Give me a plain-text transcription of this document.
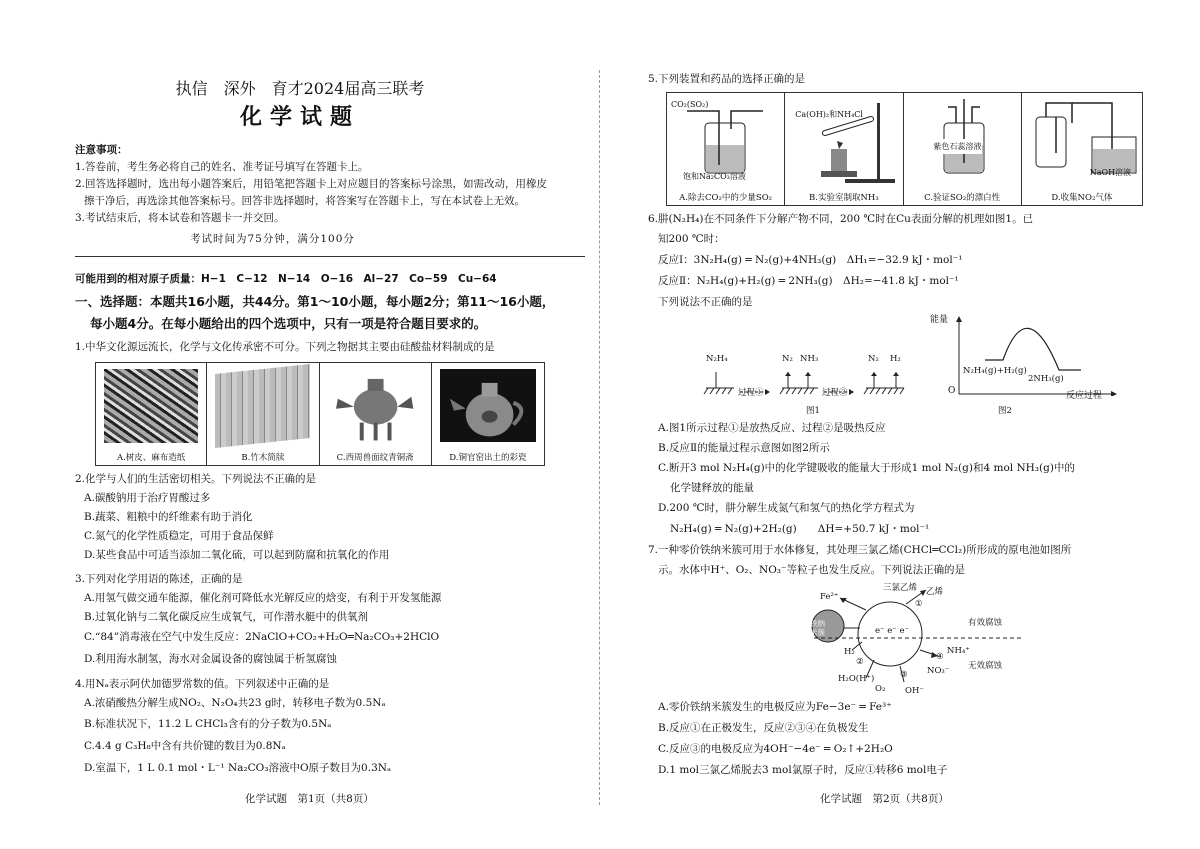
执信　深外　育才2024届高三联考
化学试题
注意事项：
1.答卷前，考生务必将自己的姓名、准考证号填写在答题卡上。
2.回答选择题时，选出每小题答案后，用铅笔把答题卡上对应题目的答案标号涂黑，如需改动，用橡皮
擦干净后，再选涂其他答案标号。回答非选择题时，将答案写在答题卡上，写在本试卷上无效。
3.考试结束后，将本试卷和答题卡一并交回。
考试时间为75分钟，满分100分
可能用到的相对原子质量：H−1　C−12　N−14　O−16　Al−27　Co−59　Cu−64
一、选择题：本题共16小题，共44分。第1～10小题，每小题2分；第11～16小题，
每小题4分。在每小题给出的四个选项中，只有一项是符合题目要求的。
1.中华文化源远流长，化学与文化传承密不可分。下列之物据其主要由硅酸盐材料制成的是
A.树皮、麻布造纸	B.竹木简牍	C.西周兽面纹青铜斋	D.铜官窑出土的彩瓷
2.化学与人们的生活密切相关。下列说法不正确的是
A.碳酸钠用于治疗胃酸过多
B.蔬菜、粗粮中的纤维素有助于消化
C.氮气的化学性质稳定，可用于食品保鲜
D.某些食品中可适当添加二氧化硫，可以起到防腐和抗氧化的作用
3.下列对化学用语的陈述，正确的是
A.用氢气做交通车能源，催化剂可降低水光解反应的焓变，有利于开发氢能源
B.过氧化钠与二氧化碳反应生成氧气，可作潜水艇中的供氧剂
C.“84”消毒液在空气中发生反应：2NaClO+CO₂+H₂O═Na₂CO₃+2HClO
D.利用海水制氢，海水对金属设备的腐蚀属于析氢腐蚀
4.用Nₐ表示阿伏加德罗常数的值。下列叙述中正确的是
A.浓硝酸热分解生成NO₂、N₂O₄共23 g时，转移电子数为0.5Nₐ
B.标准状况下，11.2 L CHCl₃含有的分子数为0.5Nₐ
C.4.4 g C₃H₈中含有共价键的数目为0.8Nₐ
D.室温下，1 L 0.1 mol・L⁻¹ Na₂CO₃溶液中O原子数目为0.3Nₐ
化学试题　第1页（共8页）
5.下列装置和药品的选择正确的是
CO₂(SO₂)
饱和Na₂CO₃溶液
A.除去CO₂中的少量SO₂
Ca(OH)₂和NH₄Cl
B.实验室制取NH₃
紫色石蕊溶液
C.验证SO₂的漂白性
NaOH溶液
D.收集NO₂气体
6.肼(N₂H₄)在不同条件下分解产物不同，200 ℃时在Cu表面分解的机理如图1。已
知200 ℃时：
反应Ⅰ：3N₂H₄(g) ═ N₂(g)+4NH₃(g)　ΔH₁=−32.9 kJ・mol⁻¹
反应Ⅱ：N₂H₄(g)+H₂(g) ═ 2NH₃(g)　ΔH₂=−41.8 kJ・mol⁻¹
下列说法不正确的是
N₂H₄	N₂ NH₃	N₂ H₂
过程①	过程②
图1
能量
O
N₂H₄(g)+H₂(g)
2NH₃(g)
反应过程
图2
A.图1所示过程①是放热反应、过程②是吸热反应
B.反应Ⅱ的能量过程示意图如图2所示
C.断开3 mol N₂H₄(g)中的化学键吸收的能量大于形成1 mol N₂(g)和4 mol NH₃(g)中的
化学键释放的能量
D.200 ℃时，肼分解生成氮气和氢气的热化学方程式为
N₂H₄(g) ═ N₂(g)+2H₂(g)　　ΔH=+50.7 kJ・mol⁻¹
7.一种零价铁纳米簇可用于水体修复，其处理三氯乙烯(CHCl═CCl₂)所形成的原电池如图所
示。水体中H⁺、O₂、NO₃⁻等粒子也发生反应。下列说法正确的是
Fe²⁺
三氯乙烯 乙烯
①
有效腐蚀
铁纳米簇	e⁻ e⁻ e⁻
H₂
②	④
NH₄⁺
NO₃⁻ 无效腐蚀
③
H₂O(H⁺)
O₂ OH⁻
A.零价铁纳米簇发生的电极反应为Fe−3e⁻ ═ Fe³⁺
B.反应①在正极发生，反应②③④在负极发生
C.反应③的电极反应为4OH⁻−4e⁻ ═ O₂↑+2H₂O
D.1 mol三氯乙烯脱去3 mol氯原子时，反应①转移6 mol电子
化学试题　第2页（共8页）
